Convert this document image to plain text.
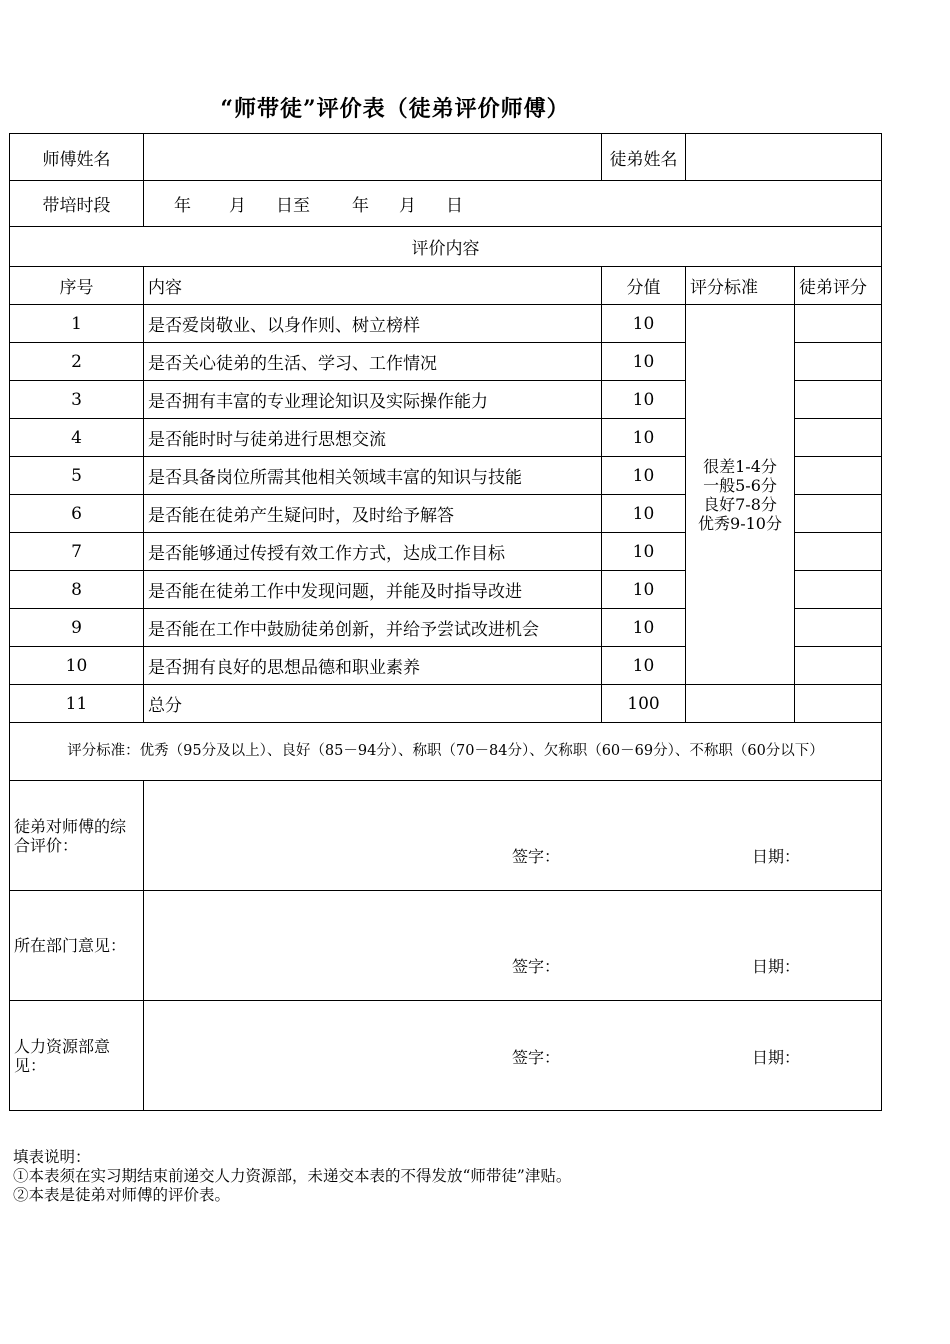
“师带徒”评价表（徒弟评价师傅）
师傅姓名		徒弟姓名		
带培时段	年 月 日至 年 月 日			
评价内容				
序号	内容	分值	评分标准	徒弟评分
1	是否爱岗敬业、以身作则、树立榜样	10	很差1-4分
一般5-6分
良好7-8分
优秀9-10分	

2	是否关心徒弟的生活、学习、工作情况	10		
3	是否拥有丰富的专业理论知识及实际操作能力	10		
4	是否能时时与徒弟进行思想交流	10		
5	是否具备岗位所需其他相关领域丰富的知识与技能	10		
6	是否能在徒弟产生疑问时，及时给予解答	10		
7	是否能够通过传授有效工作方式，达成工作目标	10		
8	是否能在徒弟工作中发现问题，并能及时指导改进	10		
9	是否能在工作中鼓励徒弟创新，并给予尝试改进机会	10		
10	是否拥有良好的思想品德和职业素养	10		
11	总分	100		
评分标准：优秀（95分及以上）、良好（85－94分）、称职（70－84分）、欠称职（60－69分）、不称职（60分以下）				
徒弟对师傅的综合评价：	签字： 日期：			

所在部门意见：	签字： 日期：			

人力资源部意见：	签字： 日期：			
填表说明：
①本表须在实习期结束前递交人力资源部，未递交本表的不得发放“师带徒”津贴。
②本表是徒弟对师傅的评价表。
